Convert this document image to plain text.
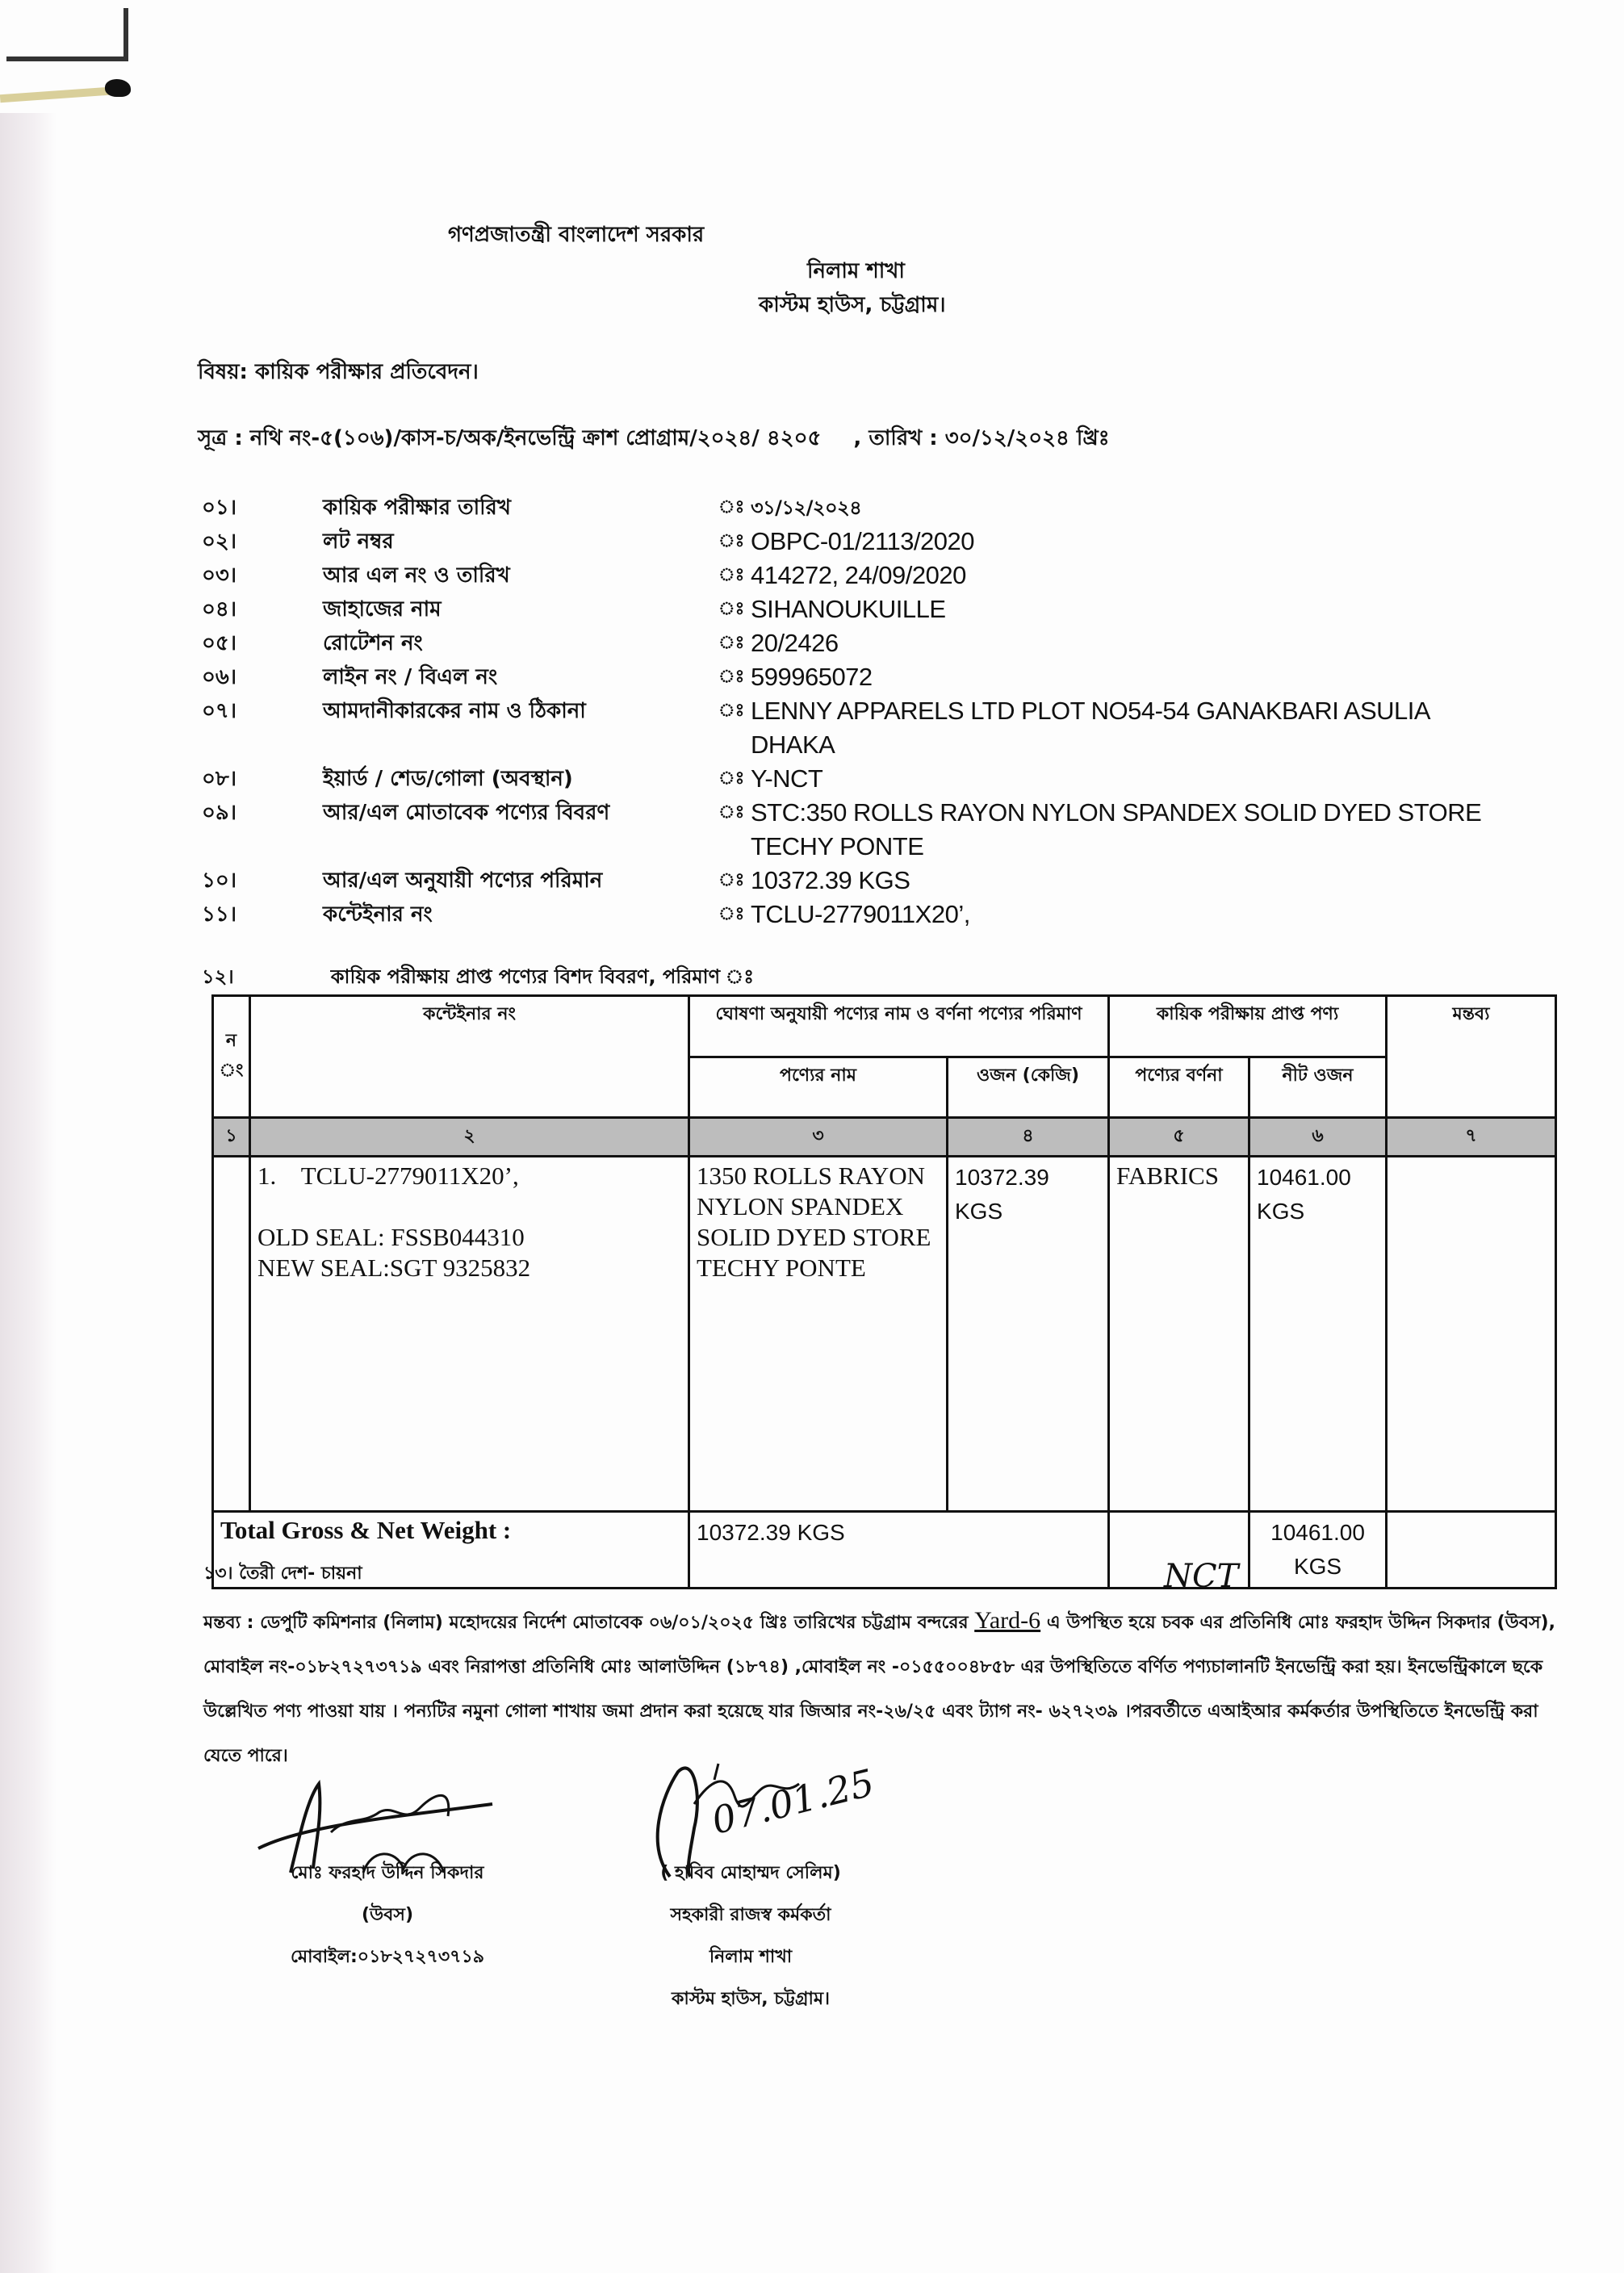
গণপ্রজাতন্ত্রী বাংলাদেশ সরকার
নিলাম শাখা
কাস্টম হাউস, চট্টগ্রাম।
বিষয়: কায়িক পরীক্ষার প্রতিবেদন।
সূত্র : নথি নং-৫(১০৬)/কাস-চ/অক/ইনভেন্ট্রি ক্রাশ প্রোগ্রাম/২০২৪/ ৪২০৫ , তারিখ : ৩০/১২/২০২৪ খ্রিঃ
০১।	কায়িক পরীক্ষার তারিখ	ঃ ৩১/১২/২০২৪
০২।	লট নম্বর	ঃ OBPC-01/2113/2020
০৩।	আর এল নং ও তারিখ	ঃ 414272, 24/09/2020
০৪।	জাহাজের নাম	ঃ SIHANOUKUILLE
০৫।	রোটেশন নং	ঃ 20/2426
০৬।	লাইন নং / বিএল নং	ঃ 599965072
০৭।	আমদানীকারকের নাম ও ঠিকানা	ঃ LENNY APPARELS LTD PLOT NO54-54 GANAKBARI ASULIA DHAKA
০৮।	ইয়ার্ড / শেড/গোলা (অবস্থান)	ঃ Y-NCT
০৯।	আর/এল মোতাবেক পণ্যের বিবরণ	ঃ STC:350 ROLLS RAYON NYLON SPANDEX SOLID DYED STORE TECHY PONTE
১০।	আর/এল অনুযায়ী পণ্যের পরিমান	ঃ 10372.39 KGS
১১।	কন্টেইনার নং	ঃ TCLU-2779011X20’,
১২।	কায়িক পরীক্ষায় প্রাপ্ত পণ্যের বিশদ বিবরণ, পরিমাণ ঃ
ন
ং	কন্টেইনার নং	ঘোষণা অনুযায়ী পণ্যের নাম ও বর্ণনা পণ্যের পরিমাণ		কায়িক পরীক্ষায় প্রাপ্ত পণ্য		মন্তব্য
		পণ্যের নাম	ওজন (কেজি)	পণ্যের বর্ণনা	নীট ওজন	
১	২	৩	৪	৫	৬	৭

	1.    TCLU-2779011X20’,
OLD SEAL: FSSB044310
NEW SEAL:SGT 9325832	1350 ROLLS RAYON NYLON SPANDEX SOLID DYED STORE TECHY PONTE	10372.39 KGS	FABRICS	10461.00 KGS	
Total Gross & Net Weight :		10372.39 KGS			10461.00 KGS	
১৩। তৈরী দেশ- চায়না	NCT
মন্তব্য : ডেপুটি কমিশনার (নিলাম) মহোদয়ের নির্দেশ মোতাবেক ০৬/০১/২০২৫ খ্রিঃ তারিখের চট্টগ্রাম বন্দরের Yard-6 এ উপস্থিত হয়ে চবক এর প্রতিনিধি মোঃ ফরহাদ উদ্দিন সিকদার (উবস), মোবাইল নং-০১৮২৭২৭৩৭১৯ এবং নিরাপত্তা প্রতিনিধি মোঃ আলাউদ্দিন (১৮৭৪) ,মোবাইল নং -০১৫৫০০৪৮৫৮ এর উপস্থিতিতে বর্ণিত পণ্যচালানটি ইনভেন্ট্রি করা হয়। ইনভেন্ট্রিকালে ছকে উল্লেখিত পণ্য পাওয়া যায় । পন্যটির নমুনা গোলা শাখায় জমা প্রদান করা হয়েছে যার জিআর নং-২৬/২৫ এবং ট্যাগ নং- ৬২৭২৩৯ ।পরবর্তীতে এআইআর কর্মকর্তার উপস্থিতিতে ইনভেন্ট্রি করা যেতে পারে।
07.01.25
মোঃ ফরহাদ উদ্দিন সিকদার
(উবস)
মোবাইল:০১৮২৭২৭৩৭১৯
( হাবিব মোহাম্মদ সেলিম)
সহকারী রাজস্ব কর্মকর্তা
নিলাম শাখা
কাস্টম হাউস, চট্টগ্রাম।
